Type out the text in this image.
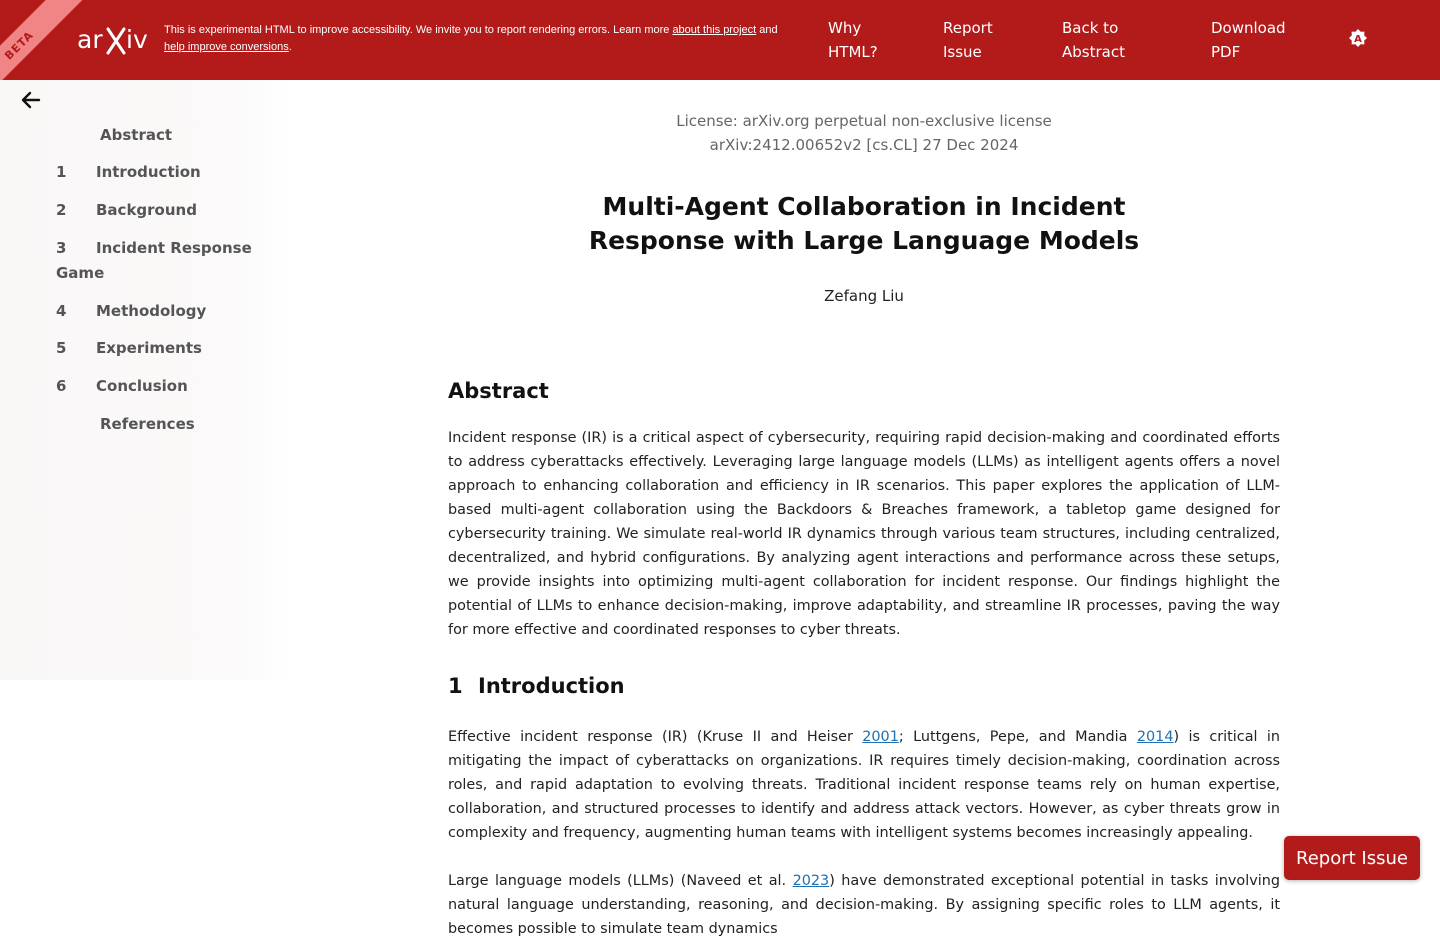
BETA ar iv This is experimental HTML to improve accessibility. We invite you to report rendering errors. Learn more about this project and
help improve conversions.
Why HTML?
Report Issue
Back to Abstract
Download PDF
A
Abstract
1 Introduction
2 Background
3 Incident Response Game
4 Methodology
5 Experiments
6 Conclusion
References
License: arXiv.org perpetual non-exclusive license
arXiv:2412.00652v2 [cs.CL] 27 Dec 2024
Multi-Agent Collaboration in Incident
Response with Large Language Models
Zefang Liu
Abstract

Incident response (IR) is a critical aspect of cybersecurity, requiring rapid decision-making and coordinated efforts to address cyberattacks effectively. Leveraging large language models (LLMs) as intelligent agents offers a novel approach to enhancing collaboration and efficiency in IR scenarios. This paper explores the application of LLM-based multi-agent collaboration using the Backdoors & Breaches framework, a tabletop game designed for cybersecurity training. We simulate real-world IR dynamics through various team structures, including centralized, decentralized, and hybrid configurations. By analyzing agent interactions and performance across these setups, we provide insights into optimizing multi-agent collaboration for incident response. Our findings highlight the potential of LLMs to enhance decision-making, improve adaptability, and streamline IR processes, paving the way for more effective and coordinated responses to cyber threats.

1 Introduction

Effective incident response (IR) (Kruse II and Heiser 2001; Luttgens, Pepe, and Mandia 2014) is critical in mitigating the impact of cyberattacks on organizations. IR requires timely decision-making, coordination across roles, and rapid adaptation to evolving threats. Traditional incident response teams rely on human expertise, collaboration, and structured processes to identify and address attack vectors. However, as cyber threats grow in complexity and frequency, augmenting human teams with intelligent systems becomes increasingly appealing.

Large language models (LLMs) (Naveed et al. 2023) have demonstrated exceptional potential in tasks involving natural language understanding, reasoning, and decision-making. By assigning specific roles to LLM agents, it becomes possible to simulate team dynamics

Report Issue
